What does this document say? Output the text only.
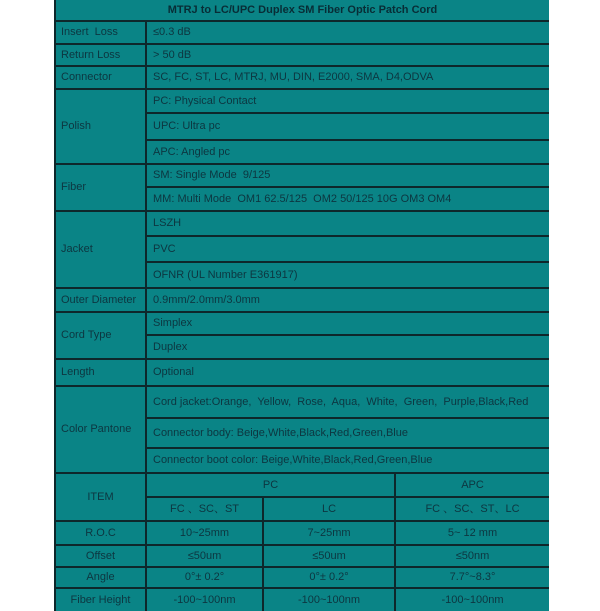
MTRJ to LC/UPC Duplex SM Fiber Optic Patch Cord	
Insert  Loss	≤0.3 dB
Return Loss	> 50 dB
Connector	SC, FC, ST, LC, MTRJ, MU, DIN, E2000, SMA, D4,ODVA
Polish	PC: Physical Contact
	UPC: Ultra pc
	APC: Angled pc
Fiber	SM: Single Mode  9/125
	MM: Multi Mode  OM1 62.5/125  OM2 50/125 10G OM3 OM4
Jacket	LSZH
	PVC
	OFNR (UL Number E361917)
Outer Diameter	0.9mm/2.0mm/3.0mm
Cord Type	Simplex
	Duplex
Length	Optional
Color Pantone	Cord jacket:Orange,  Yellow,  Rose,  Aqua,  White,  Green,  Purple,Black,Red
	Connector body: Beige,White,Black,Red,Green,Blue
	Connector boot color: Beige,White,Black,Red,Green,Blue
ITEM	PC		APC
	FC 、SC、ST	LC	FC 、SC、ST、LC
R.O.C	10~25mm	7~25mm	5~ 12 mm
Offset	≤50um	≤50um	≤50nm
Angle	0°± 0.2°	0°± 0.2°	7.7°~8.3°
Fiber Height	-100~100nm	-100~100nm	-100~100nm
